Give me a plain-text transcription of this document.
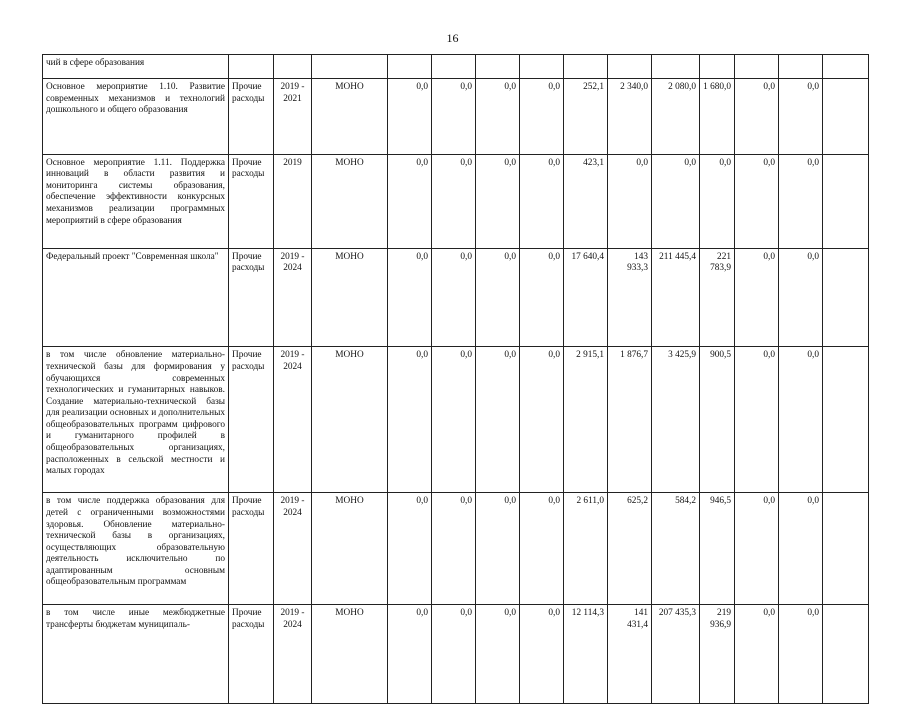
16
чий в сфере образования															
Основное мероприятие 1.10. Развитие современных механизмов и технологий дошкольного и общего образования	Прочие расходы	2019 - 2021	МОНО	0,0	0,0	0,0	0,0	252,1	2 340,0	2 080,0	1 680,0	0,0	0,0		
Основное мероприятие 1.11. Поддержка инноваций в области развития и мониторинга системы образования, обеспечение эффективности конкурсных механизмов реализации программных мероприятий в сфере образования	Прочие расходы	2019	МОНО	0,0	0,0	0,0	0,0	423,1	0,0	0,0	0,0	0,0	0,0		
Федеральный проект "Современная школа"	Прочие расходы	2019 - 2024	МОНО	0,0	0,0	0,0	0,0	17 640,4	143 933,3	211 445,4	221 783,9	0,0	0,0		
в том числе обновление материально-технической базы для формирования у обучающихся современных технологических и гуманитарных навыков. Создание материально-технической базы для реализации основных и дополнительных общеобразовательных программ цифрового и гуманитарного профилей в общеобразовательных организациях, расположенных в сельской местности и малых городах	Прочие расходы	2019 - 2024	МОНО	0,0	0,0	0,0	0,0	2 915,1	1 876,7	3 425,9	900,5	0,0	0,0		
в том числе поддержка образования для детей с ограниченными возможностями здоровья. Обновление материально-технической базы в организациях, осуществляющих образовательную деятельность исключительно по адаптированным основным общеобразовательным программам	Прочие расходы	2019 - 2024	МОНО	0,0	0,0	0,0	0,0	2 611,0	625,2	584,2	946,5	0,0	0,0		
в том числе иные межбюджетные трансферты бюджетам муниципаль-	Прочие расходы	2019 - 2024	МОНО	0,0	0,0	0,0	0,0	12 114,3	141 431,4	207 435,3	219 936,9	0,0	0,0		
